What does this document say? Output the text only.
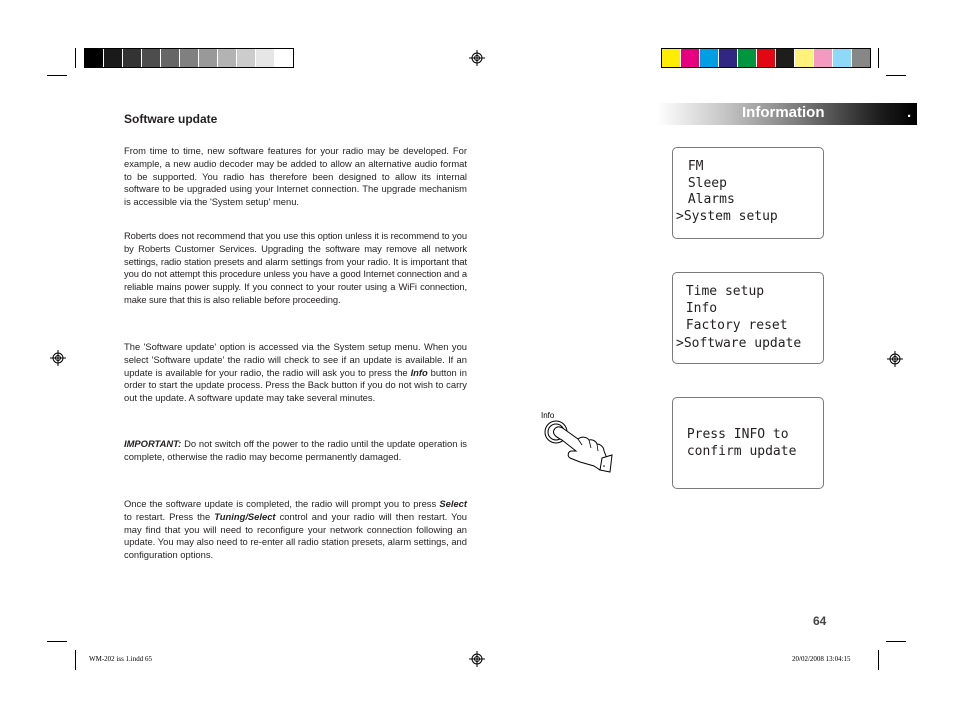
Information	.
Software update
From time to time, new software features for your radio may be developed. For example, a new audio decoder may be added to allow an alternative audio format to be supported. You radio has therefore been designed to allow its internal software to be upgraded using your Internet connection. The upgrade mechanism is accessible via the 'System setup' menu.
Roberts does not recommend that you use this option unless it is recommend to you by Roberts Customer Services. Upgrading the software may remove all network settings, radio station presets and alarm settings from your radio. It is important that you do not attempt this procedure unless you have a good Internet connection and a reliable mains power supply. If you connect to your router using a WiFi connection, make sure that this is also reliable before proceeding.
The 'Software update' option is accessed via the System setup menu. When you select 'Software update' the radio will check to see if an update is available. If an update is available for your radio, the radio will ask you to press the Info button in order to start the update process. Press the Back button if you do not wish to carry out the update. A software update may take several minutes.
IMPORTANT: Do not switch off the power to the radio until the update operation is complete, otherwise the radio may become permanently damaged.
Once the software update is completed, the radio will prompt you to press Select to restart. Press the Tuning/Select control and your radio will then restart. You may find that you will need to reconfigure your network connection following an update. You may also need to re-enter all radio station presets, alarm settings, and configuration options.
FM
Sleep
Alarms
>System setup
Time setup
Info
Factory reset
>Software update
Press INFO to
confirm update
Info
64
WM-202 iss 1.indd 65	20/02/2008 13:04:15
